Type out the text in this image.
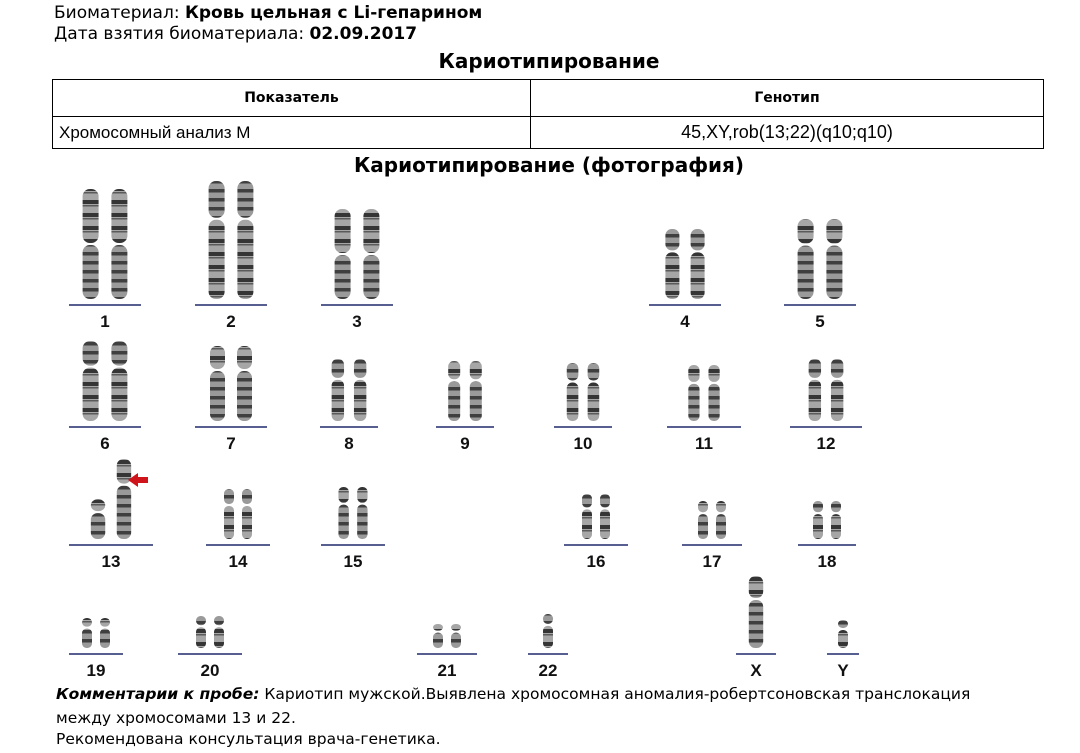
Биоматериал: Кровь цельная с Li-гепарином
Дата взятия биоматериала: 02.09.2017
Кариотипирование
Показатель	Генотип
Хромосомный анализ М	45,XY,rob(13;22)(q10;q10)
Кариотипирование (фотография)
1	2	3	4	5
6	7	8	9	10	11	12
13	14	15	16	17	18
19	20	21	22	X	Y
Комментарии к пробе: Кариотип мужской.Выявлена хромосомная аномалия-робертсоновская транслокация
между хромосомами 13 и 22.
Рекомендована консультация врача-генетика.
